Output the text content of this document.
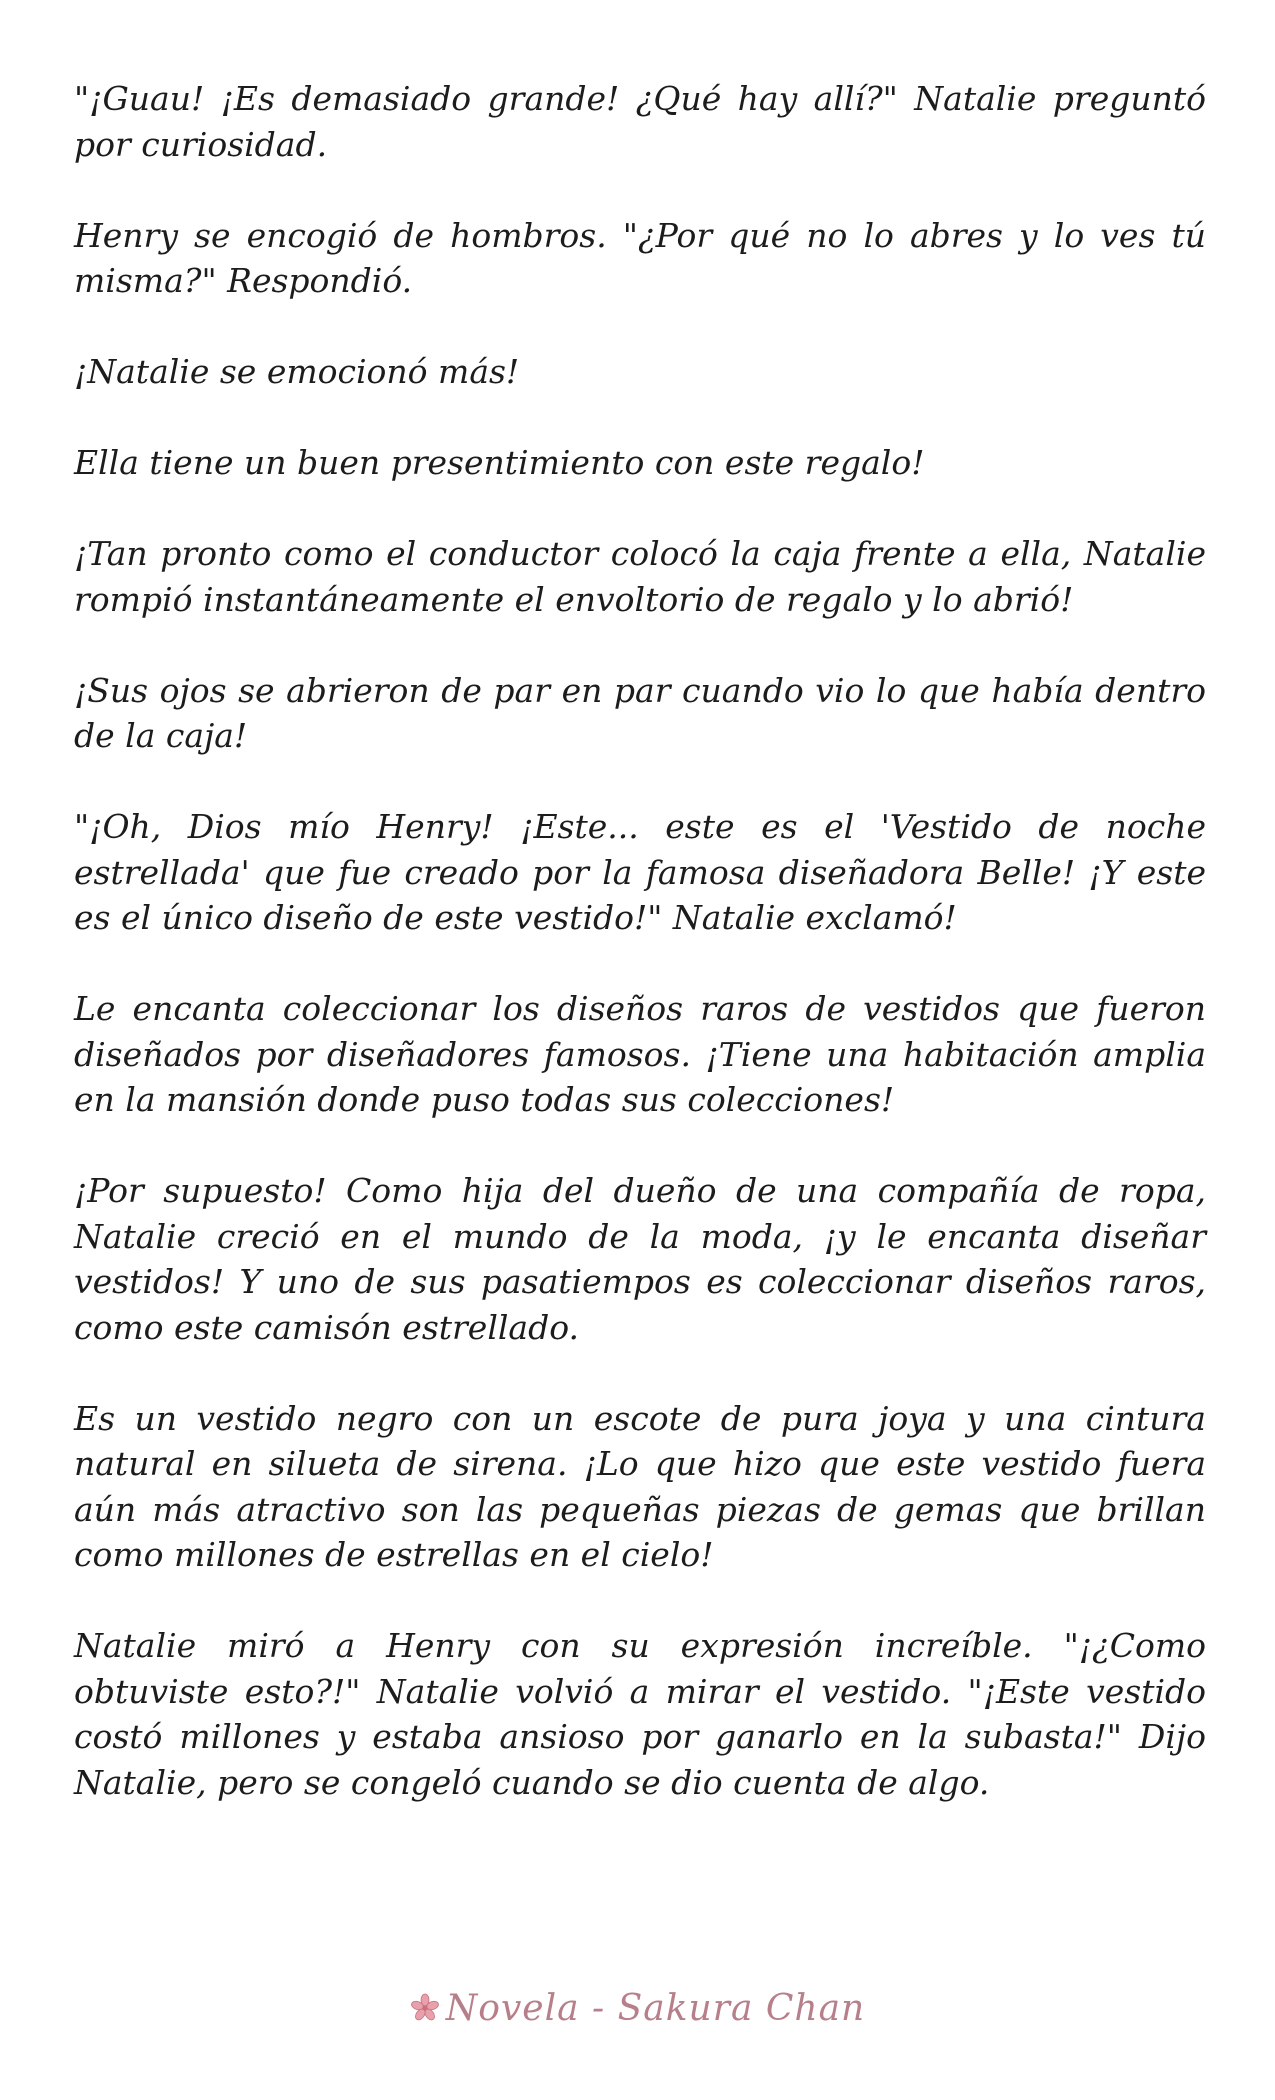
"¡Guau! ¡Es demasiado grande! ¿Qué hay allí?" Natalie preguntó por curiosidad.

Henry se encogió de hombros. "¿Por qué no lo abres y lo ves tú misma?" Respondió.

¡Natalie se emocionó más!

Ella tiene un buen presentimiento con este regalo!

¡Tan pronto como el conductor colocó la caja frente a ella, Natalie rompió instantáneamente el envoltorio de regalo y lo abrió!

¡Sus ojos se abrieron de par en par cuando vio lo que había dentro de la caja!

"¡Oh, Dios mío Henry! ¡Este... este es el 'Vestido de noche estrellada' que fue creado por la famosa diseñadora Belle! ¡Y este es el único diseño de este vestido!" Natalie exclamó!

Le encanta coleccionar los diseños raros de vestidos que fueron diseñados por diseñadores famosos. ¡Tiene una habitación amplia en la mansión donde puso todas sus colecciones!

¡Por supuesto! Como hija del dueño de una compañía de ropa, Natalie creció en el mundo de la moda, ¡y le encanta diseñar vestidos! Y uno de sus pasatiempos es coleccionar diseños raros, como este camisón estrellado.

Es un vestido negro con un escote de pura joya y una cintura natural en silueta de sirena. ¡Lo que hizo que este vestido fuera aún más atractivo son las pequeñas piezas de gemas que brillan como millones de estrellas en el cielo!

Natalie miró a Henry con su expresión increíble. "¡¿Como obtuviste esto?!" Natalie volvió a mirar el vestido. "¡Este vestido costó millones y estaba ansioso por ganarlo en la subasta!" Dijo Natalie, pero se congeló cuando se dio cuenta de algo.

Novela - Sakura Chan
